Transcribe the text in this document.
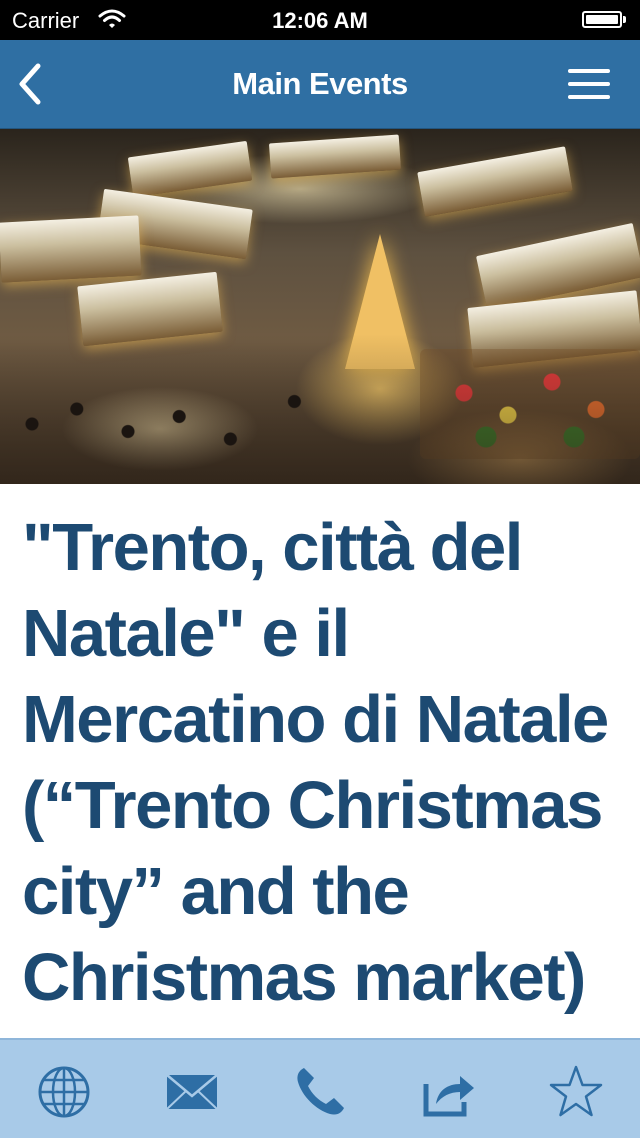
Carrier	12:06 AM
Main Events
"Trento, città del Natale" e il Mercatino di Natale (“Trento Christmas city” and the Christmas market)
